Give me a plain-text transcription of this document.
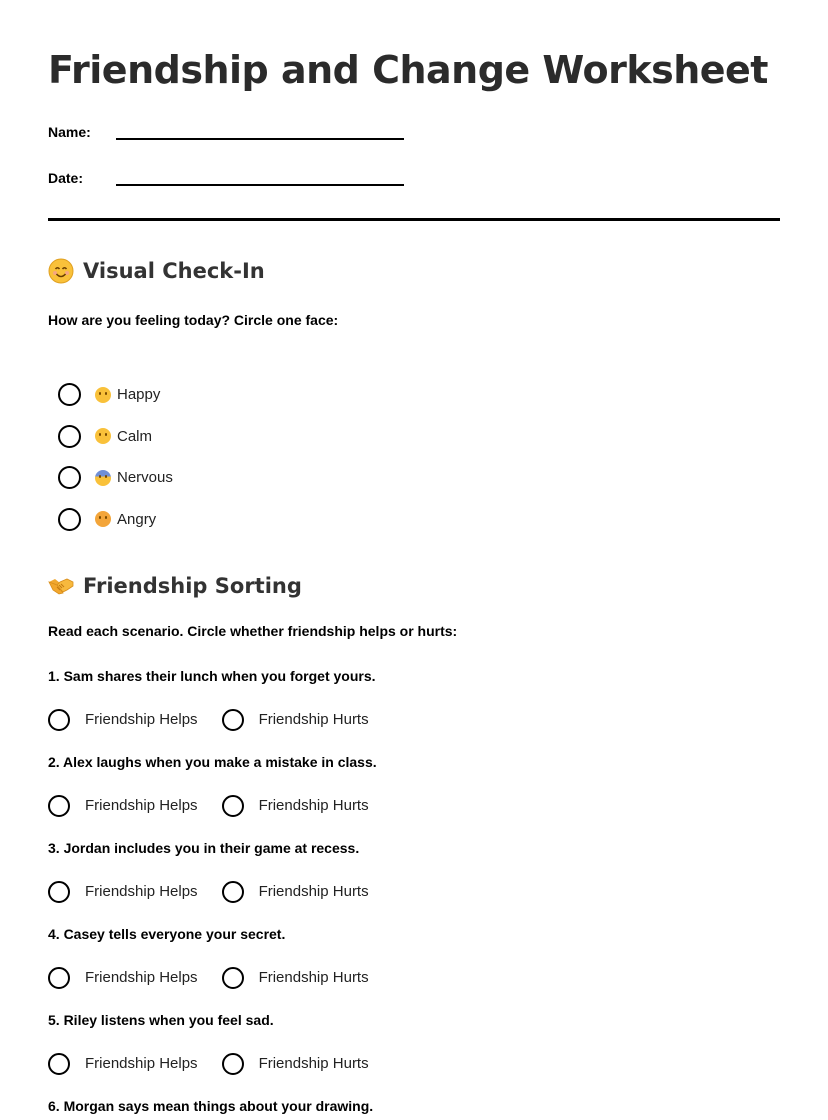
Friendship and Change Worksheet
Name:
Date:
Visual Check-In
How are you feeling today? Circle one face:
Happy
Calm
Nervous
Angry
Friendship Sorting
Read each scenario. Circle whether friendship helps or hurts:
1. Sam shares their lunch when you forget yours.
Friendship Helps	Friendship Hurts
2. Alex laughs when you make a mistake in class.
Friendship Helps	Friendship Hurts
3. Jordan includes you in their game at recess.
Friendship Helps	Friendship Hurts
4. Casey tells everyone your secret.
Friendship Helps	Friendship Hurts
5. Riley listens when you feel sad.
Friendship Helps	Friendship Hurts
6. Morgan says mean things about your drawing.
